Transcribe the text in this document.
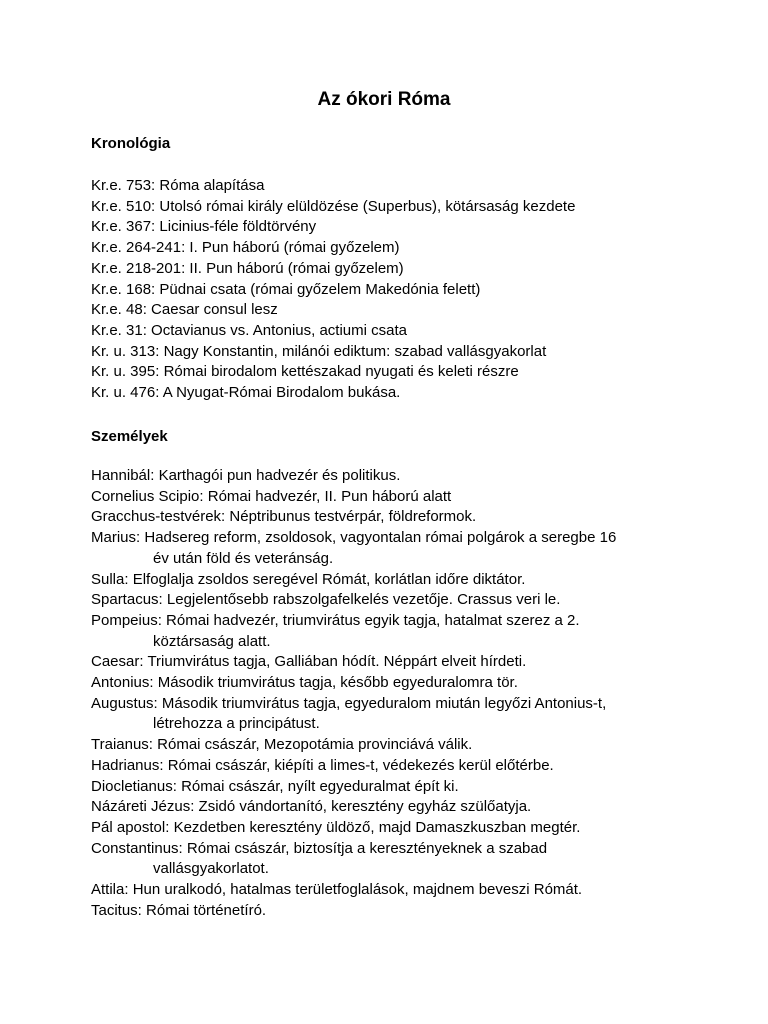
Az ókori Róma
Kronológia
Kr.e. 753: Róma alapítása
Kr.e. 510: Utolsó római király elüldözése (Superbus), kötársaság kezdete
Kr.e. 367: Licinius-féle földtörvény
Kr.e. 264-241: I. Pun háború (római győzelem)
Kr.e. 218-201: II. Pun háború (római győzelem)
Kr.e. 168: Püdnai csata (római győzelem Makedónia felett)
Kr.e. 48: Caesar consul lesz
Kr.e. 31: Octavianus vs. Antonius, actiumi csata
Kr. u. 313: Nagy Konstantin, milánói ediktum: szabad vallásgyakorlat
Kr. u. 395: Római birodalom kettészakad nyugati és keleti részre
Kr. u. 476: A Nyugat-Római Birodalom bukása.
Személyek
Hannibál: Karthagói pun hadvezér és politikus.
Cornelius Scipio: Római hadvezér, II. Pun háború alatt
Gracchus-testvérek: Néptribunus testvérpár, földreformok.
Marius: Hadsereg reform, zsoldosok, vagyontalan római polgárok a seregbe 16
év után föld és veteránság.
Sulla: Elfoglalja zsoldos seregével Rómát, korlátlan időre diktátor.
Spartacus: Legjelentősebb rabszolgafelkelés vezetője. Crassus veri le.
Pompeius: Római hadvezér, triumvirátus egyik tagja, hatalmat szerez a 2.
köztársaság alatt.
Caesar: Triumvirátus tagja, Galliában hódít. Néppárt elveit hírdeti.
Antonius: Második triumvirátus tagja, később egyeduralomra tör.
Augustus: Második triumvirátus tagja, egyeduralom miután legyőzi Antonius-t,
létrehozza a principátust.
Traianus: Római császár, Mezopotámia provinciává válik.
Hadrianus: Római császár, kiépíti a limes-t, védekezés kerül előtérbe.
Diocletianus: Római császár, nyílt egyeduralmat épít ki.
Názáreti Jézus: Zsidó vándortanító, keresztény egyház szülőatyja.
Pál apostol: Kezdetben keresztény üldöző, majd Damaszkuszban megtér.
Constantinus: Római császár, biztosítja a keresztényeknek a szabad
vallásgyakorlatot.
Attila: Hun uralkodó, hatalmas területfoglalások, majdnem beveszi Rómát.
Tacitus: Római történetíró.
